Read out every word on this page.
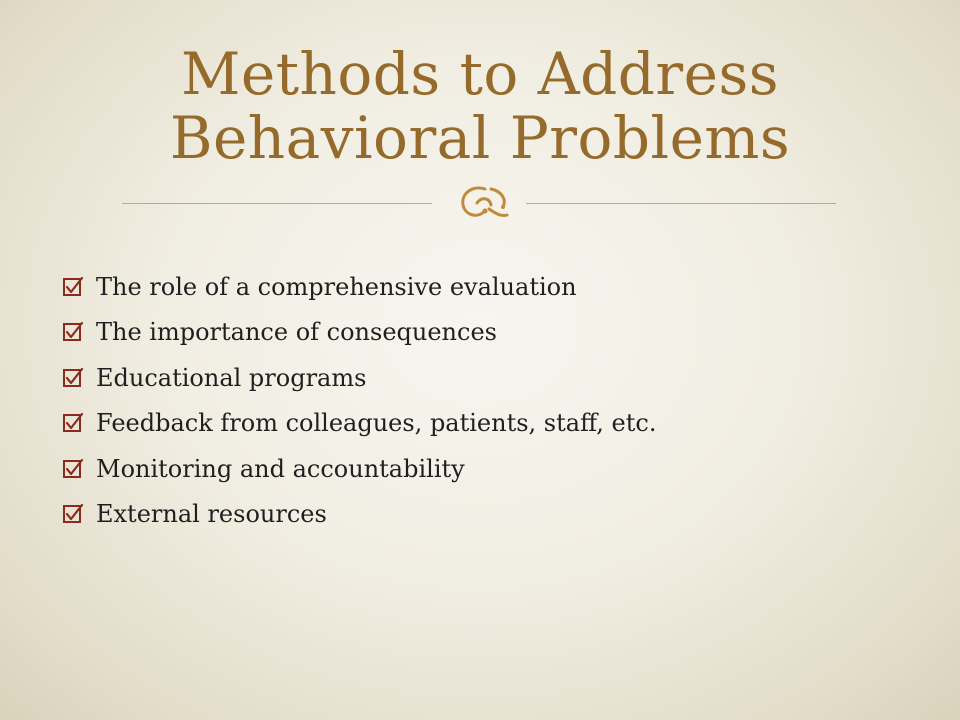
Methods to Address
Behavioral Problems
The role of a comprehensive evaluation
The importance of consequences
Educational programs
Feedback from colleagues, patients, staff, etc.
Monitoring and accountability
External resources
